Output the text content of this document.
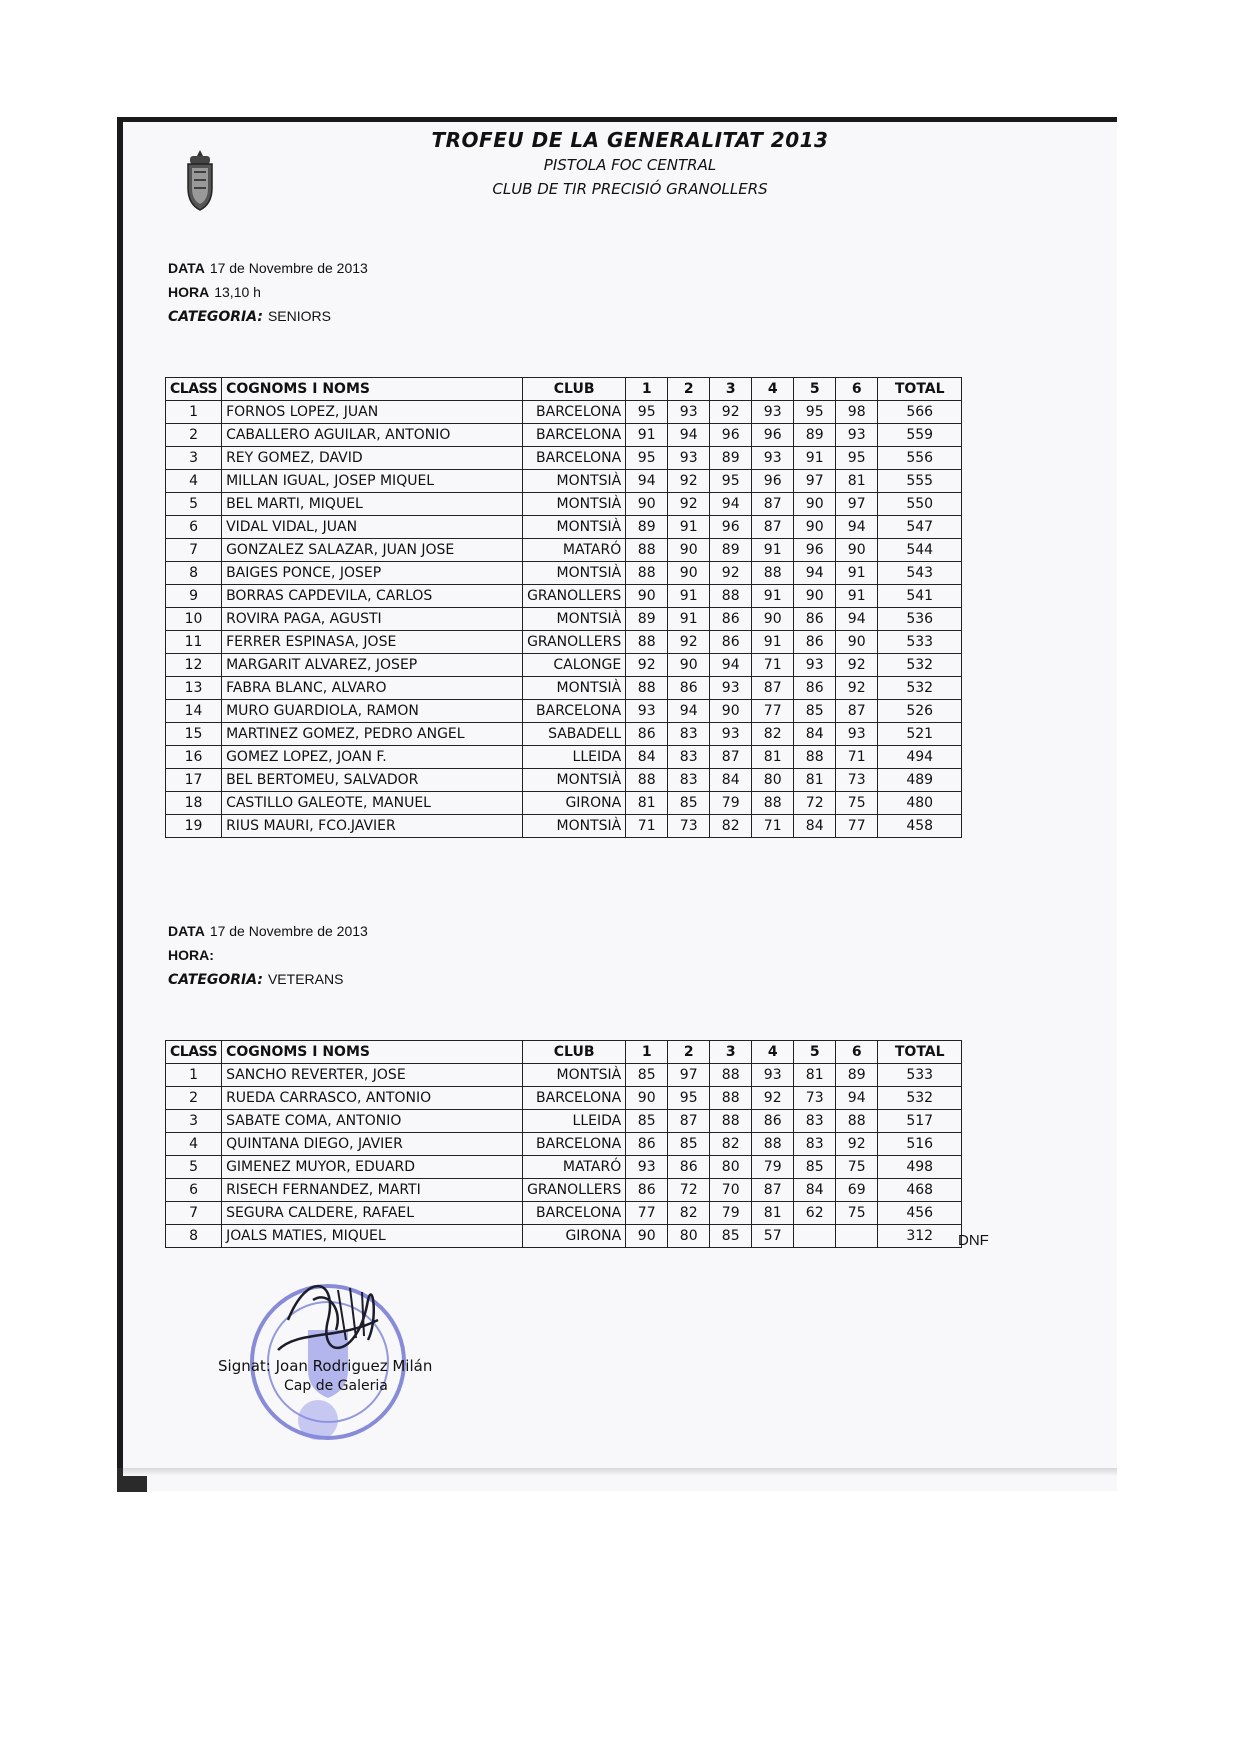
TROFEU DE LA GENERALITAT 2013
PISTOLA FOC CENTRAL
CLUB DE TIR PRECISIÓ GRANOLLERS
DATA 17 de Novembre de 2013
HORA 13,10 h
CATEGORIA: SENIORS
CLASS	COGNOMS I NOMS	CLUB	1	2	3	4	5	6	TOTAL
1	FORNOS LOPEZ, JUAN	BARCELONA	95	93	92	93	95	98	566
2	CABALLERO AGUILAR, ANTONIO	BARCELONA	91	94	96	96	89	93	559
3	REY GOMEZ, DAVID	BARCELONA	95	93	89	93	91	95	556
4	MILLAN IGUAL, JOSEP MIQUEL	MONTSIÀ	94	92	95	96	97	81	555
5	BEL MARTI, MIQUEL	MONTSIÀ	90	92	94	87	90	97	550
6	VIDAL VIDAL, JUAN	MONTSIÀ	89	91	96	87	90	94	547
7	GONZALEZ SALAZAR, JUAN JOSE	MATARÓ	88	90	89	91	96	90	544
8	BAIGES PONCE, JOSEP	MONTSIÀ	88	90	92	88	94	91	543
9	BORRAS CAPDEVILA, CARLOS	GRANOLLERS	90	91	88	91	90	91	541
10	ROVIRA PAGA, AGUSTI	MONTSIÀ	89	91	86	90	86	94	536
11	FERRER ESPINASA, JOSE	GRANOLLERS	88	92	86	91	86	90	533
12	MARGARIT ALVAREZ, JOSEP	CALONGE	92	90	94	71	93	92	532
13	FABRA BLANC, ALVARO	MONTSIÀ	88	86	93	87	86	92	532
14	MURO GUARDIOLA, RAMON	BARCELONA	93	94	90	77	85	87	526
15	MARTINEZ GOMEZ, PEDRO ANGEL	SABADELL	86	83	93	82	84	93	521
16	GOMEZ LOPEZ, JOAN F.	LLEIDA	84	83	87	81	88	71	494
17	BEL BERTOMEU, SALVADOR	MONTSIÀ	88	83	84	80	81	73	489
18	CASTILLO GALEOTE, MANUEL	GIRONA	81	85	79	88	72	75	480
19	RIUS MAURI, FCO.JAVIER	MONTSIÀ	71	73	82	71	84	77	458
DATA 17 de Novembre de 2013
HORA:
CATEGORIA: VETERANS
CLASS	COGNOMS I NOMS	CLUB	1	2	3	4	5	6	TOTAL
1	SANCHO REVERTER, JOSE	MONTSIÀ	85	97	88	93	81	89	533
2	RUEDA CARRASCO, ANTONIO	BARCELONA	90	95	88	92	73	94	532
3	SABATE COMA, ANTONIO	LLEIDA	85	87	88	86	83	88	517
4	QUINTANA DIEGO, JAVIER	BARCELONA	86	85	82	88	83	92	516
5	GIMENEZ MUYOR, EDUARD	MATARÓ	93	86	80	79	85	75	498
6	RISECH FERNANDEZ, MARTI	GRANOLLERS	86	72	70	87	84	69	468
7	SEGURA CALDERE, RAFAEL	BARCELONA	77	82	79	81	62	75	456
8	JOALS MATIES, MIQUEL	GIRONA	90	80	85	57			312 DNF
Signat: Joan Rodriguez Milán
Cap de Galeria
